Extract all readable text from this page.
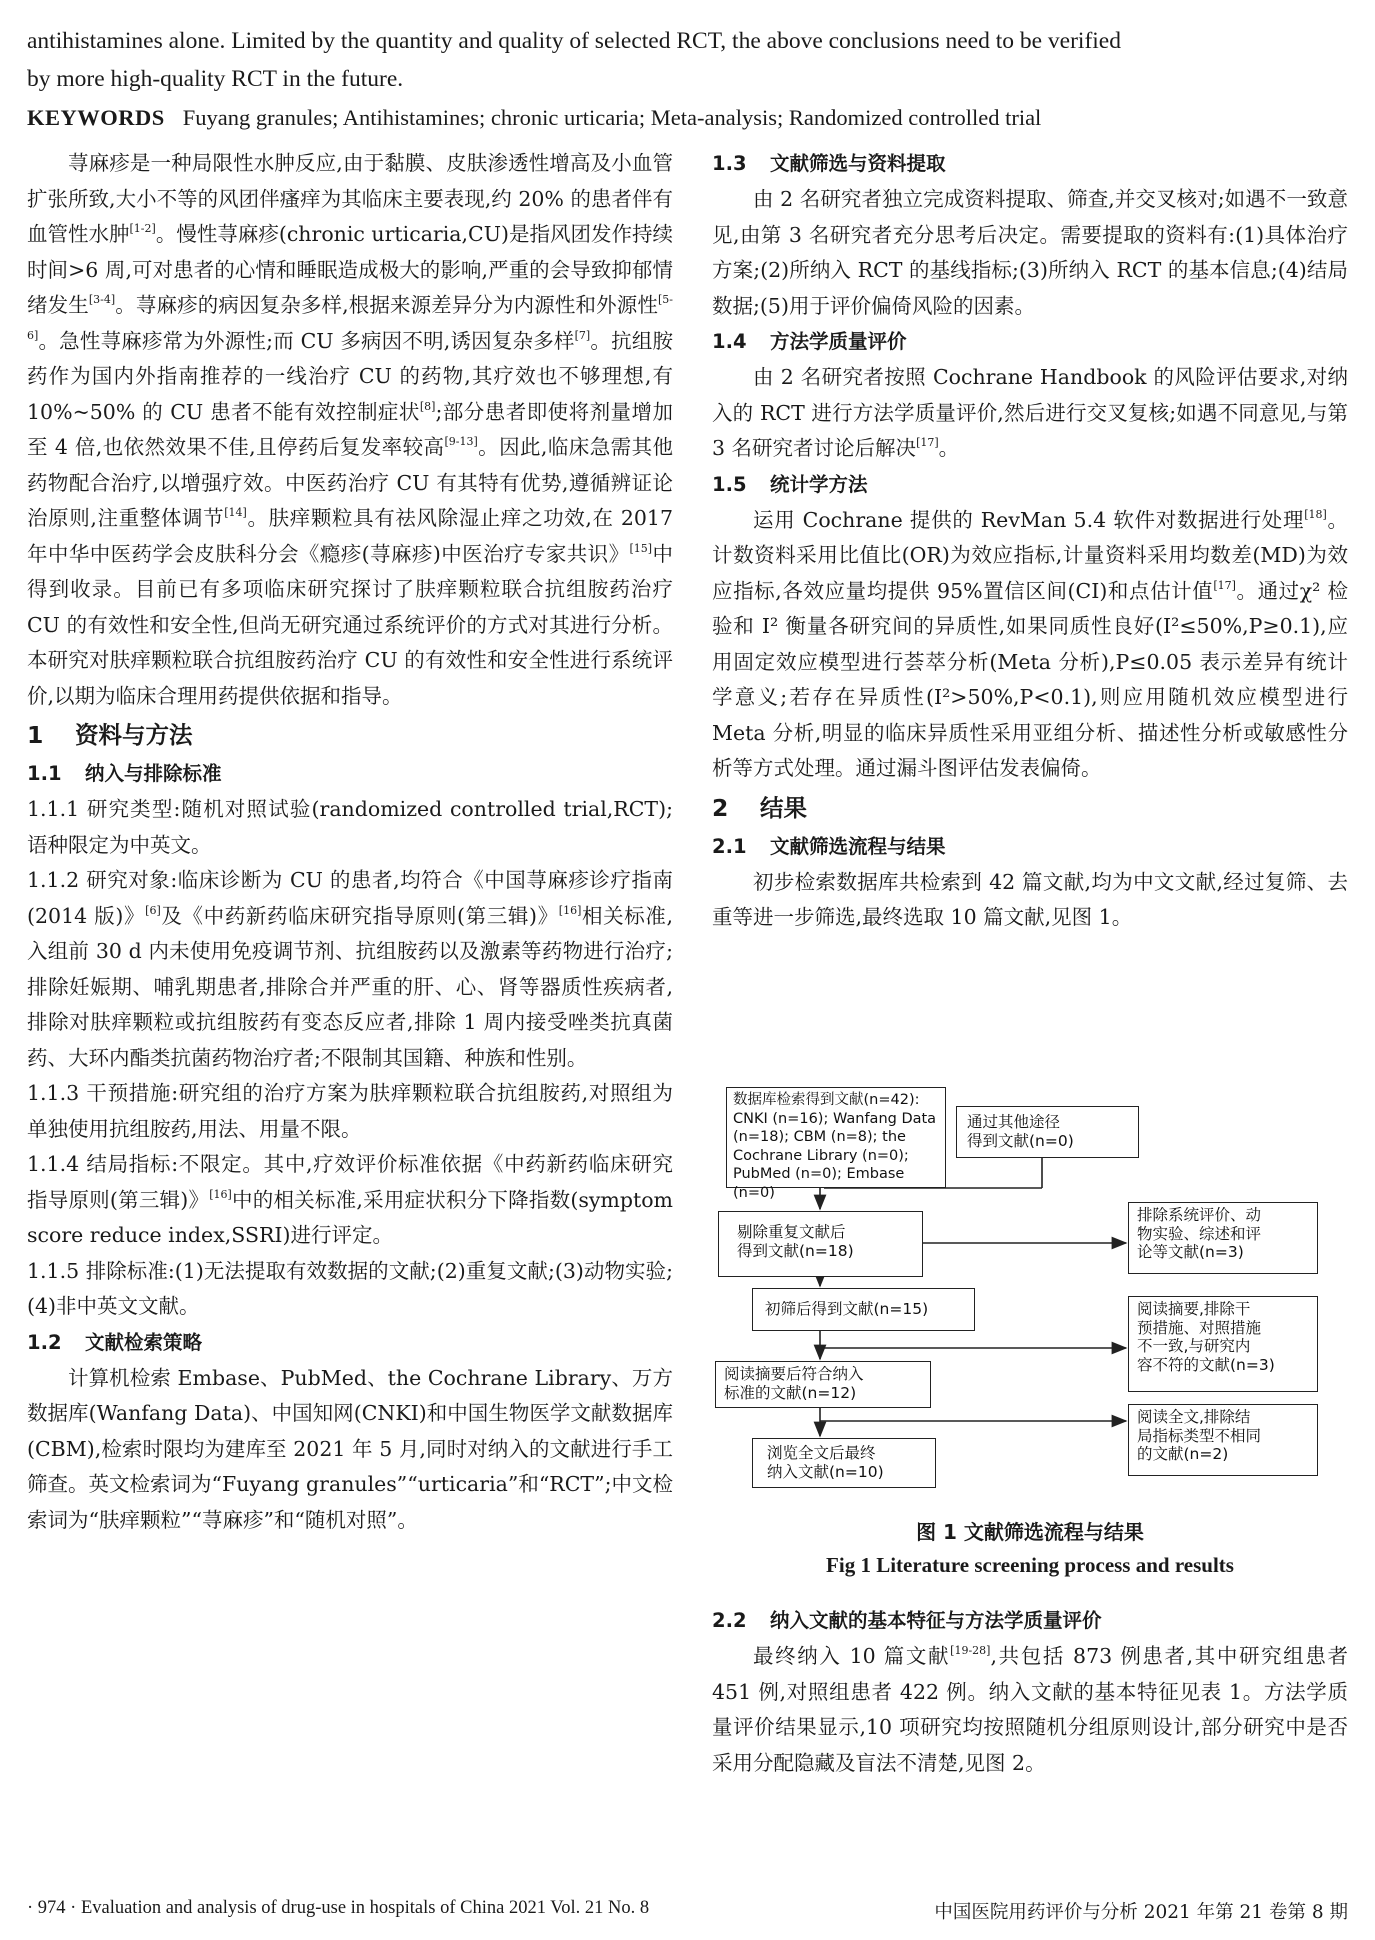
antihistamines alone. Limited by the quantity and quality of selected RCT, the above conclusions need to be verified
by more high-quality RCT in the future.
KEYWORDS Fuyang granules; Antihistamines; chronic urticaria; Meta-analysis; Randomized controlled trial

荨麻疹是一种局限性水肿反应,由于黏膜、皮肤渗透性增高及小血管扩张所致,大小不等的风团伴瘙痒为其临床主要表现,约 20% 的患者伴有血管性水肿[1-2]。慢性荨麻疹(chronic urticaria,CU)是指风团发作持续时间>6 周,可对患者的心情和睡眠造成极大的影响,严重的会导致抑郁情绪发生[3-4]。荨麻疹的病因复杂多样,根据来源差异分为内源性和外源性[5-6]。急性荨麻疹常为外源性;而 CU 多病因不明,诱因复杂多样[7]。抗组胺药作为国内外指南推荐的一线治疗 CU 的药物,其疗效也不够理想,有 10%~50% 的 CU 患者不能有效控制症状[8];部分患者即使将剂量增加至 4 倍,也依然效果不佳,且停药后复发率较高[9-13]。因此,临床急需其他药物配合治疗,以增强疗效。中医药治疗 CU 有其特有优势,遵循辨证论治原则,注重整体调节[14]。肤痒颗粒具有祛风除湿止痒之功效,在 2017 年中华中医药学会皮肤科分会《瘾疹(荨麻疹)中医治疗专家共识》[15]中得到收录。目前已有多项临床研究探讨了肤痒颗粒联合抗组胺药治疗 CU 的有效性和安全性,但尚无研究通过系统评价的方式对其进行分析。本研究对肤痒颗粒联合抗组胺药治疗 CU 的有效性和安全性进行系统评价,以期为临床合理用药提供依据和指导。

1 资料与方法
1.1 纳入与排除标准

1.1.1 研究类型:随机对照试验(randomized controlled trial,RCT);语种限定为中英文。

1.1.2 研究对象:临床诊断为 CU 的患者,均符合《中国荨麻疹诊疗指南(2014 版)》[6]及《中药新药临床研究指导原则(第三辑)》[16]相关标准,入组前 30 d 内未使用免疫调节剂、抗组胺药以及激素等药物进行治疗;排除妊娠期、哺乳期患者,排除合并严重的肝、心、肾等器质性疾病者,排除对肤痒颗粒或抗组胺药有变态反应者,排除 1 周内接受唑类抗真菌药、大环内酯类抗菌药物治疗者;不限制其国籍、种族和性别。

1.1.3 干预措施:研究组的治疗方案为肤痒颗粒联合抗组胺药,对照组为单独使用抗组胺药,用法、用量不限。

1.1.4 结局指标:不限定。其中,疗效评价标准依据《中药新药临床研究指导原则(第三辑)》[16]中的相关标准,采用症状积分下降指数(symptom score reduce index,SSRI)进行评定。

1.1.5 排除标准:(1)无法提取有效数据的文献;(2)重复文献;(3)动物实验;(4)非中英文文献。

1.2 文献检索策略

计算机检索 Embase、PubMed、the Cochrane Library、万方数据库(Wanfang Data)、中国知网(CNKI)和中国生物医学文献数据库(CBM),检索时限均为建库至 2021 年 5 月,同时对纳入的文献进行手工筛查。英文检索词为“Fuyang granules”“urticaria”和“RCT”;中文检索词为“肤痒颗粒”“荨麻疹”和“随机对照”。

1.3 文献筛选与资料提取

由 2 名研究者独立完成资料提取、筛查,并交叉核对;如遇不一致意见,由第 3 名研究者充分思考后决定。需要提取的资料有:(1)具体治疗方案;(2)所纳入 RCT 的基线指标;(3)所纳入 RCT 的基本信息;(4)结局数据;(5)用于评价偏倚风险的因素。

1.4 方法学质量评价

由 2 名研究者按照 Cochrane Handbook 的风险评估要求,对纳入的 RCT 进行方法学质量评价,然后进行交叉复核;如遇不同意见,与第 3 名研究者讨论后解决[17]。

1.5 统计学方法

运用 Cochrane 提供的 RevMan 5.4 软件对数据进行处理[18]。计数资料采用比值比(OR)为效应指标,计量资料采用均数差(MD)为效应指标,各效应量均提供 95%置信区间(CI)和点估计值[17]。通过χ² 检验和 I² 衡量各研究间的异质性,如果同质性良好(I²≤50%,P≥0.1),应用固定效应模型进行荟萃分析(Meta 分析),P≤0.05 表示差异有统计学意义;若存在异质性(I²>50%,P<0.1),则应用随机效应模型进行 Meta 分析,明显的临床异质性采用亚组分析、描述性分析或敏感性分析等方式处理。通过漏斗图评估发表偏倚。

2 结果
2.1 文献筛选流程与结果

初步检索数据库共检索到 42 篇文献,均为中文文献,经过复筛、去重等进一步筛选,最终选取 10 篇文献,见图 1。

数据库检索得到文献(n=42):
CNKI (n=16); Wanfang Data
(n=18); CBM (n=8); the
Cochrane Library (n=0);
PubMed (n=0); Embase (n=0)
通过其他途径
得到文献(n=0)
剔除重复文献后
得到文献(n=18)
排除系统评价、动
物实验、综述和评
论等文献(n=3)
初筛后得到文献(n=15)	阅读摘要,排除干
预措施、对照措施
不一致,与研究内
容不符的文献(n=3)
阅读摘要后符合纳入
标准的文献(n=12)
阅读全文,排除结
局指标类型不相同
的文献(n=2)
浏览全文后最终
纳入文献(n=10)
图 1 文献筛选流程与结果
Fig 1 Literature screening process and results
2.2 纳入文献的基本特征与方法学质量评价

最终纳入 10 篇文献[19-28],共包括 873 例患者,其中研究组患者 451 例,对照组患者 422 例。纳入文献的基本特征见表 1。方法学质量评价结果显示,10 项研究均按照随机分组原则设计,部分研究中是否采用分配隐藏及盲法不清楚,见图 2。

· 974 · Evaluation and analysis of drug-use in hospitals of China 2021 Vol. 21 No. 8	中国医院用药评价与分析 2021 年第 21 卷第 8 期
